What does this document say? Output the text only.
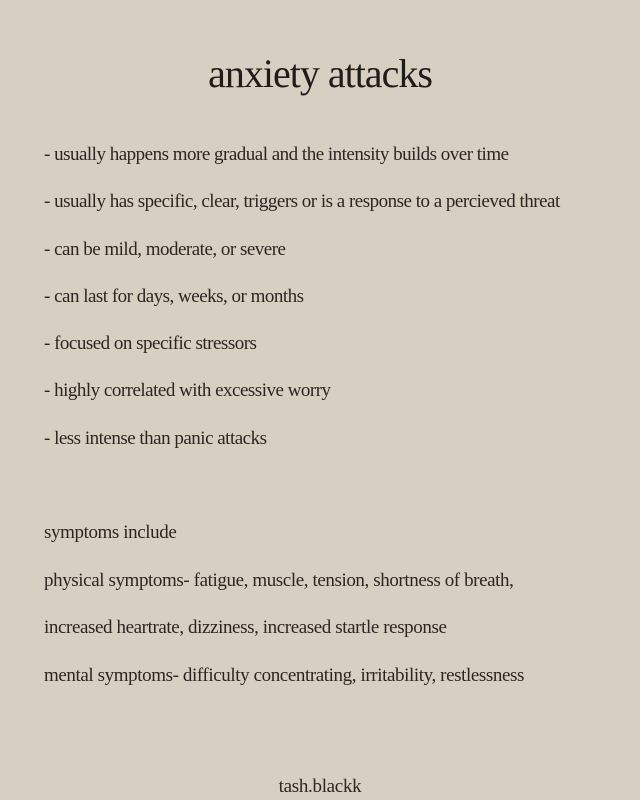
anxiety attacks
- usually happens more gradual and the intensity builds over time
- usually has specific, clear, triggers or is a response to a percieved threat
- can be mild, moderate, or severe
- can last for days, weeks, or months
- focused on specific stressors
- highly correlated with excessive worry
- less intense than panic attacks
symptoms include
physical symptoms- fatigue, muscle, tension, shortness of breath,
increased heartrate, dizziness, increased startle response
mental symptoms- difficulty concentrating, irritability, restlessness
tash.blackk
